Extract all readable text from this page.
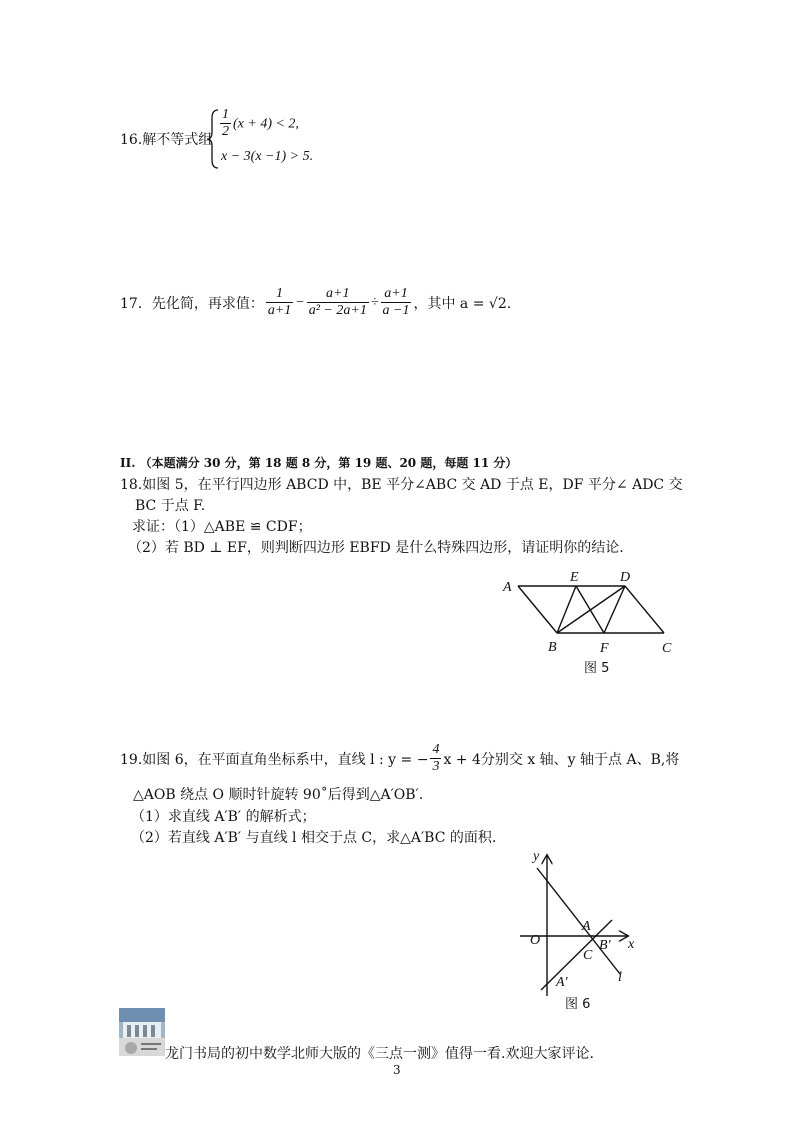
16.解不等式组 $\frac{1}{2} (x + 4) < 2$,
x − 3(x −1) > 5.
17．先化简，再求值： $\frac{1}{a+1} - \frac{a+1}{\text{a² − 2a+1}} \div \frac{a+1}{a -1}$ ，其中 a = √2.
II. （本题满分 30 分，第 18 题 8 分，第 19 题、20 题，每题 11 分）
18.如图 5，在平行四边形 ABCD 中，BE 平分∠ABC 交 AD 于点 E，DF 平分∠ ADC 交
BC 于点 F.
求证：（1）△ABE ≌ CDF；
（2）若 BD ⊥ EF，则判断四边形 EBFD 是什么特殊四边形，请证明你的结论.
A
E	D
B	F	C
图 5
19.如图 6，在平面直角坐标系中，直线 l : y = − $\frac{4}{3}$ x + 4分别交 x 轴、y 轴于点 A、B,将
△AOB 绕点 O 顺时针旋转 90˚后得到△A′OB′.
（1）求直线 A′B′ 的解析式；
（2）若直线 A′B′ 与直线 l 相交于点 C，求△A′BC 的面积.
y
x
O
A
B′
C
A′	l
图 6
龙门书局的初中数学北师大版的《三点一测》值得一看.欢迎大家评论.
3
